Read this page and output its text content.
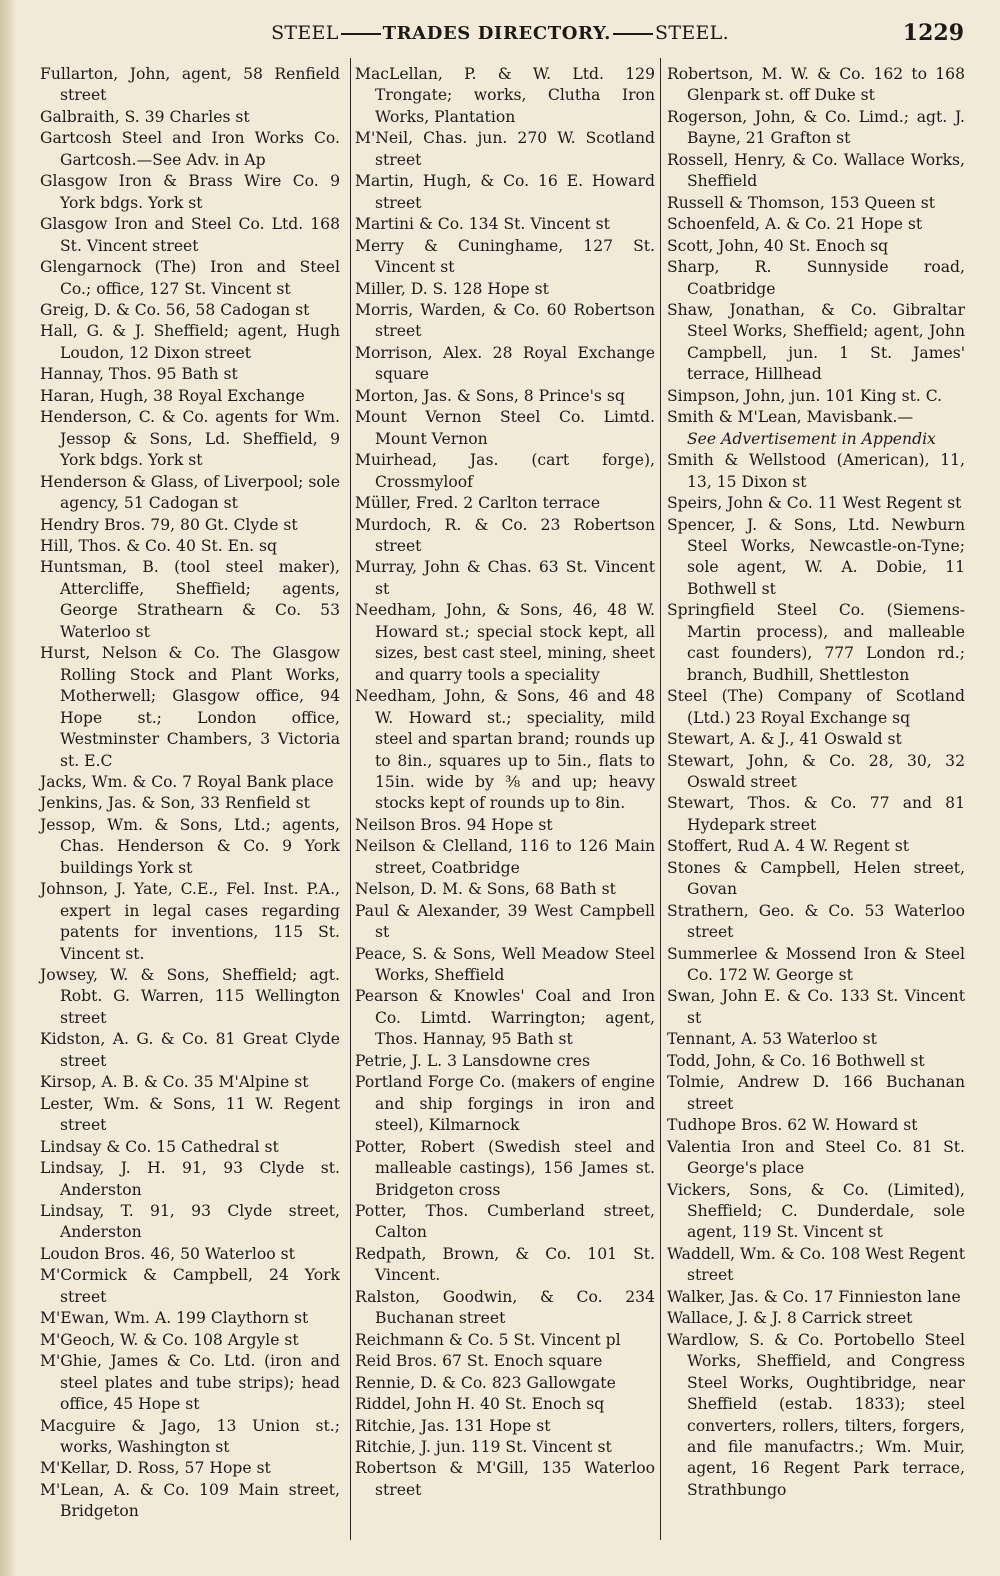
STEEL TRADES DIRECTORY. STEEL.	1229
Fullarton, John, agent, 58 Renfield street
Galbraith, S. 39 Charles st
Gartcosh Steel and Iron Works Co. Gartcosh.—See Adv. in Ap
Glasgow Iron & Brass Wire Co. 9 York bdgs. York st
Glasgow Iron and Steel Co. Ltd. 168 St. Vincent street
Glengarnock (The) Iron and Steel Co.; office, 127 St. Vincent st
Greig, D. & Co. 56, 58 Cadogan st
Hall, G. & J. Sheffield; agent, Hugh Loudon, 12 Dixon street
Hannay, Thos. 95 Bath st
Haran, Hugh, 38 Royal Exchange
Henderson, C. & Co. agents for Wm. Jessop & Sons, Ld. Sheffield, 9 York bdgs. York st
Henderson & Glass, of Liverpool; sole agency, 51 Cadogan st
Hendry Bros. 79, 80 Gt. Clyde st
Hill, Thos. & Co. 40 St. En. sq
Huntsman, B. (tool steel maker), Attercliffe, Sheffield; agents, George Strathearn & Co. 53 Waterloo st
Hurst, Nelson & Co. The Glasgow Rolling Stock and Plant Works, Motherwell; Glasgow office, 94 Hope st.; London office, Westminster Chambers, 3 Victoria st. E.C
Jacks, Wm. & Co. 7 Royal Bank place
Jenkins, Jas. & Son, 33 Renfield st
Jessop, Wm. & Sons, Ltd.; agents, Chas. Henderson & Co. 9 York buildings York st
Johnson, J. Yate, C.E., Fel. Inst. P.A., expert in legal cases regarding patents for inventions, 115 St. Vincent st.
Jowsey, W. & Sons, Sheffield; agt. Robt. G. Warren, 115 Wellington street
Kidston, A. G. & Co. 81 Great Clyde street
Kirsop, A. B. & Co. 35 M'Alpine st
Lester, Wm. & Sons, 11 W. Regent street
Lindsay & Co. 15 Cathedral st
Lindsay, J. H. 91, 93 Clyde st. Anderston
Lindsay, T. 91, 93 Clyde street, Anderston
Loudon Bros. 46, 50 Waterloo st
M'Cormick & Campbell, 24 York street
M'Ewan, Wm. A. 199 Claythorn st
M'Geoch, W. & Co. 108 Argyle st
M'Ghie, James & Co. Ltd. (iron and steel plates and tube strips); head office, 45 Hope st
Macguire & Jago, 13 Union st.; works, Washington st
M'Kellar, D. Ross, 57 Hope st
M'Lean, A. & Co. 109 Main street, Bridgeton
MacLellan, P. & W. Ltd. 129 Trongate; works, Clutha Iron Works, Plantation
M'Neil, Chas. jun. 270 W. Scotland street
Martin, Hugh, & Co. 16 E. Howard street
Martini & Co. 134 St. Vincent st
Merry & Cuninghame, 127 St. Vincent st
Miller, D. S. 128 Hope st
Morris, Warden, & Co. 60 Robertson street
Morrison, Alex. 28 Royal Exchange square
Morton, Jas. & Sons, 8 Prince's sq
Mount Vernon Steel Co. Limtd. Mount Vernon
Muirhead, Jas. (cart forge), Crossmyloof
Müller, Fred. 2 Carlton terrace
Murdoch, R. & Co. 23 Robertson street
Murray, John & Chas. 63 St. Vincent st
Needham, John, & Sons, 46, 48 W. Howard st.; special stock kept, all sizes, best cast steel, mining, sheet and quarry tools a speciality
Needham, John, & Sons, 46 and 48 W. Howard st.; speciality, mild steel and spartan brand; rounds up to 8in., squares up to 5in., flats to 15in. wide by ⅜ and up; heavy stocks kept of rounds up to 8in.
Neilson Bros. 94 Hope st
Neilson & Clelland, 116 to 126 Main street, Coatbridge
Nelson, D. M. & Sons, 68 Bath st
Paul & Alexander, 39 West Campbell st
Peace, S. & Sons, Well Meadow Steel Works, Sheffield
Pearson & Knowles' Coal and Iron Co. Limtd. Warrington; agent, Thos. Hannay, 95 Bath st
Petrie, J. L. 3 Lansdowne cres
Portland Forge Co. (makers of engine and ship forgings in iron and steel), Kilmarnock
Potter, Robert (Swedish steel and malleable castings), 156 James st. Bridgeton cross
Potter, Thos. Cumberland street, Calton
Redpath, Brown, & Co. 101 St. Vincent.
Ralston, Goodwin, & Co. 234 Buchanan street
Reichmann & Co. 5 St. Vincent pl
Reid Bros. 67 St. Enoch square
Rennie, D. & Co. 823 Gallowgate
Riddel, John H. 40 St. Enoch sq
Ritchie, Jas. 131 Hope st
Ritchie, J. jun. 119 St. Vincent st
Robertson & M'Gill, 135 Waterloo street
Robertson, M. W. & Co. 162 to 168 Glenpark st. off Duke st
Rogerson, John, & Co. Limd.; agt. J. Bayne, 21 Grafton st
Rossell, Henry, & Co. Wallace Works, Sheffield
Russell & Thomson, 153 Queen st
Schoenfeld, A. & Co. 21 Hope st
Scott, John, 40 St. Enoch sq
Sharp, R. Sunnyside road, Coatbridge
Shaw, Jonathan, & Co. Gibraltar Steel Works, Sheffield; agent, John Campbell, jun. 1 St. James' terrace, Hillhead
Simpson, John, jun. 101 King st. C.
Smith & M'Lean, Mavisbank.—
See Advertisement in Appendix
Smith & Wellstood (American), 11, 13, 15 Dixon st
Speirs, John & Co. 11 West Regent st
Spencer, J. & Sons, Ltd. Newburn Steel Works, Newcastle-on-Tyne; sole agent, W. A. Dobie, 11 Bothwell st
Springfield Steel Co. (Siemens-Martin process), and malleable cast founders), 777 London rd.; branch, Budhill, Shettleston
Steel (The) Company of Scotland (Ltd.) 23 Royal Exchange sq
Stewart, A. & J., 41 Oswald st
Stewart, John, & Co. 28, 30, 32 Oswald street
Stewart, Thos. & Co. 77 and 81 Hydepark street
Stoffert, Rud A. 4 W. Regent st
Stones & Campbell, Helen street, Govan
Strathern, Geo. & Co. 53 Waterloo street
Summerlee & Mossend Iron & Steel Co. 172 W. George st
Swan, John E. & Co. 133 St. Vincent st
Tennant, A. 53 Waterloo st
Todd, John, & Co. 16 Bothwell st
Tolmie, Andrew D. 166 Buchanan street
Tudhope Bros. 62 W. Howard st
Valentia Iron and Steel Co. 81 St. George's place
Vickers, Sons, & Co. (Limited), Sheffield; C. Dunderdale, sole agent, 119 St. Vincent st
Waddell, Wm. & Co. 108 West Regent street
Walker, Jas. & Co. 17 Finnieston lane
Wallace, J. & J. 8 Carrick street
Wardlow, S. & Co. Portobello Steel Works, Sheffield, and Congress Steel Works, Oughtibridge, near Sheffield (estab. 1833); steel converters, rollers, tilters, forgers, and file manufactrs.; Wm. Muir, agent, 16 Regent Park terrace, Strathbungo
